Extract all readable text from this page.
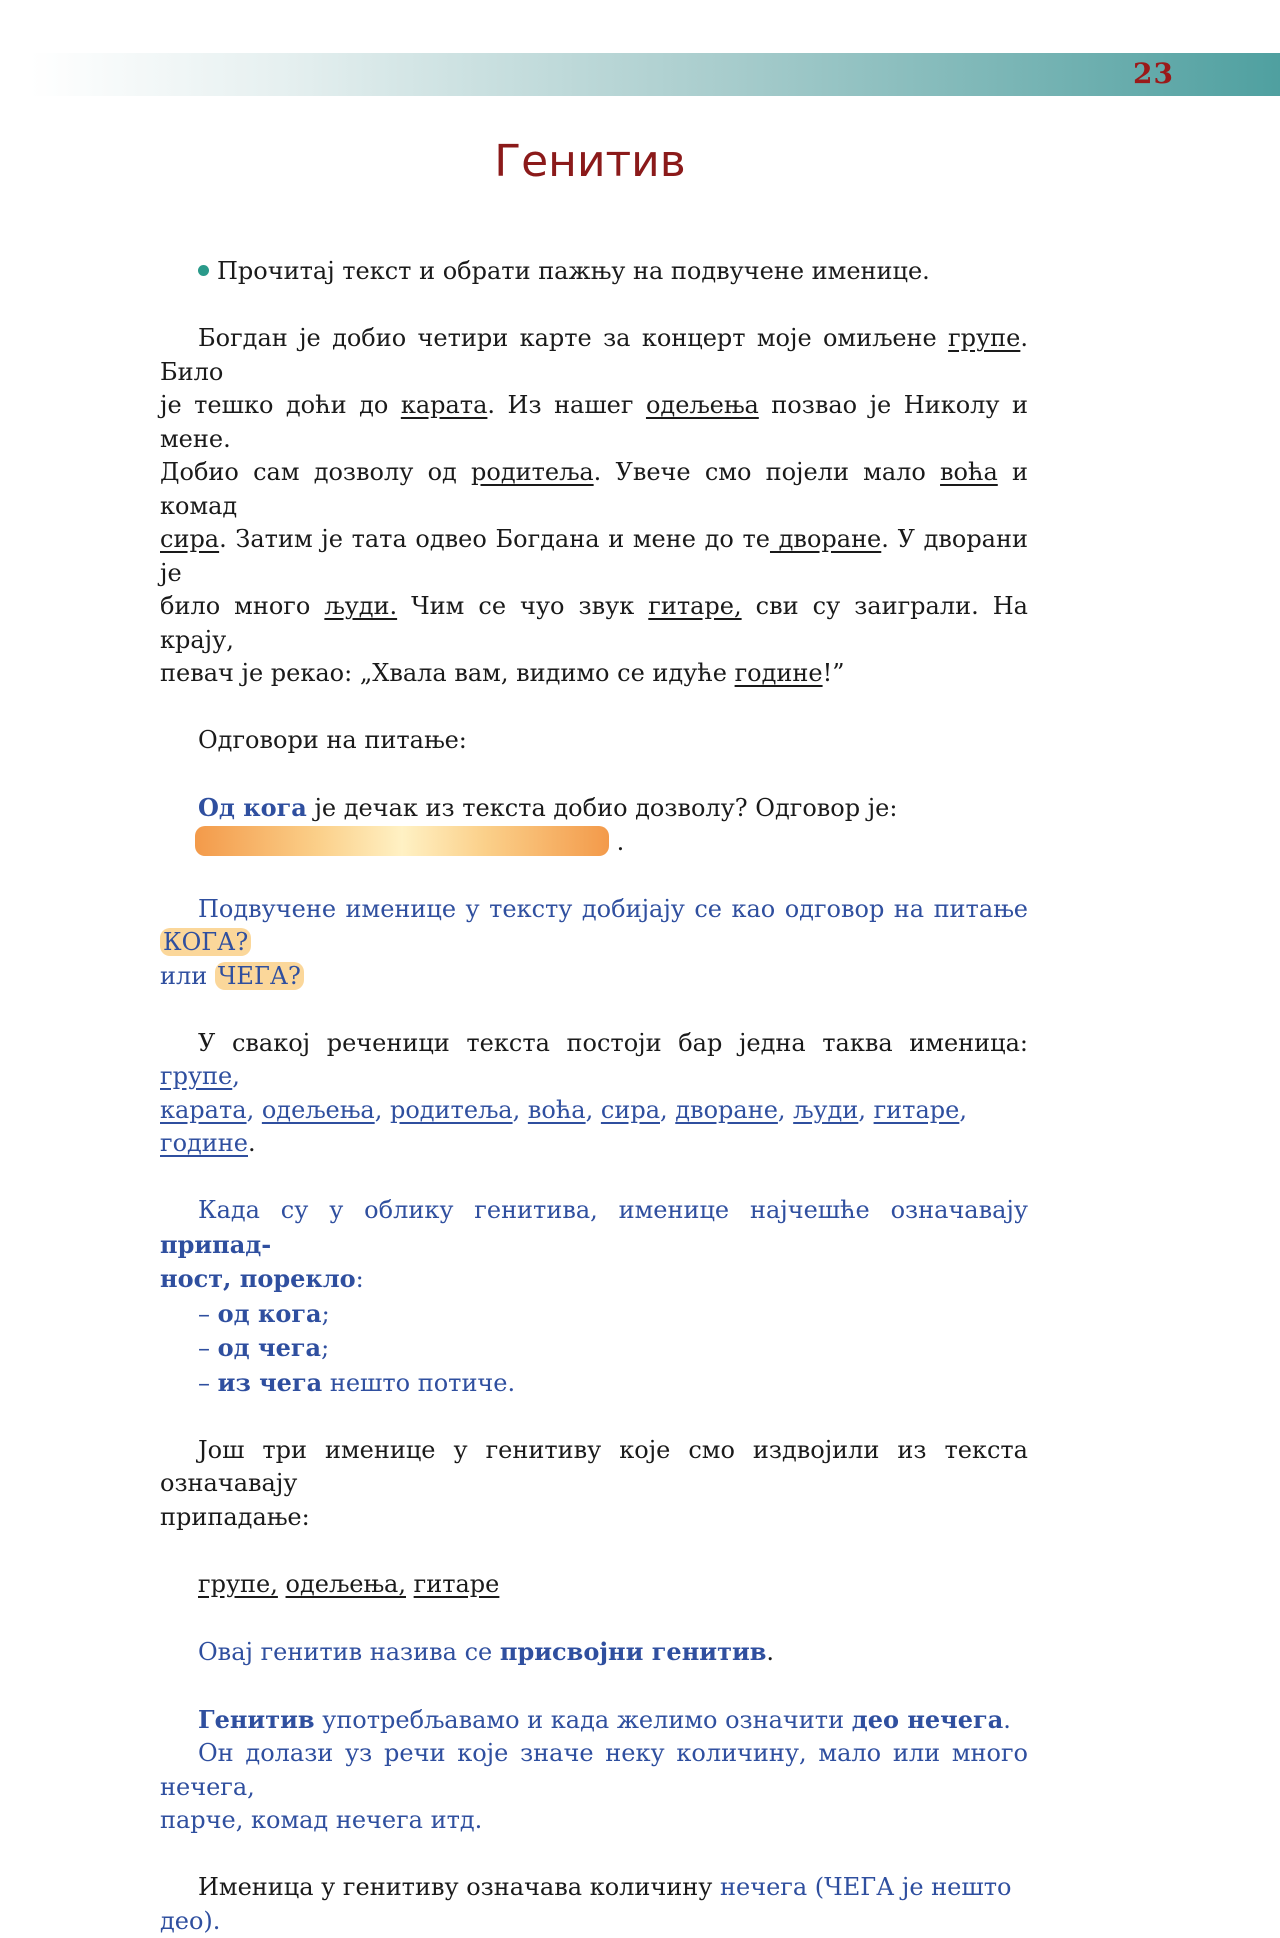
23
Генитив

Прочитај текст и обрати пажњу на подвучене именице.

Богдан је добио четири карте за концерт моје омиљене групе. Било

је тешко доћи до карата. Из нашег одељења позвао је Николу и мене.

Добио сам дозволу од родитеља. Увече смо појели мало воћа и комад

сира. Затим је тата одвео Богдана и мене до те дворане. У дворани је

било много људи. Чим се чуо звук гитаре, сви су заиграли. На крају,

певач је рекао: „Хвала вам, видимо се идуће године!”

Одговори на питање:

Од кога је дечак из текста добио дозволу? Одговор је:

.

Подвучене именице у тексту добијају се као одговор на питање КОГА?

или ЧЕГА?

У свакој реченици текста постоји бар једна таква именица: групе,

карата, одељења, родитеља, воћа, сира, дворане, људи, гитаре, године.

Када су у облику генитива, именице најчешће означавају припад-

ност, порекло:

– од кога;

– од чега;

– из чега нешто потиче.

Још три именице у генитиву које смо издвојили из текста означавају

припадање:

групе, одељења, гитаре

Овај генитив назива се присвојни генитив.

Генитив употребљавамо и када желимо означити део нечега.

Он долази уз речи које значе неку количину, мало или много нечега,

парче, комад нечега итд.

Именица у генитиву означава количину нечега (ЧЕГА је нешто део).
